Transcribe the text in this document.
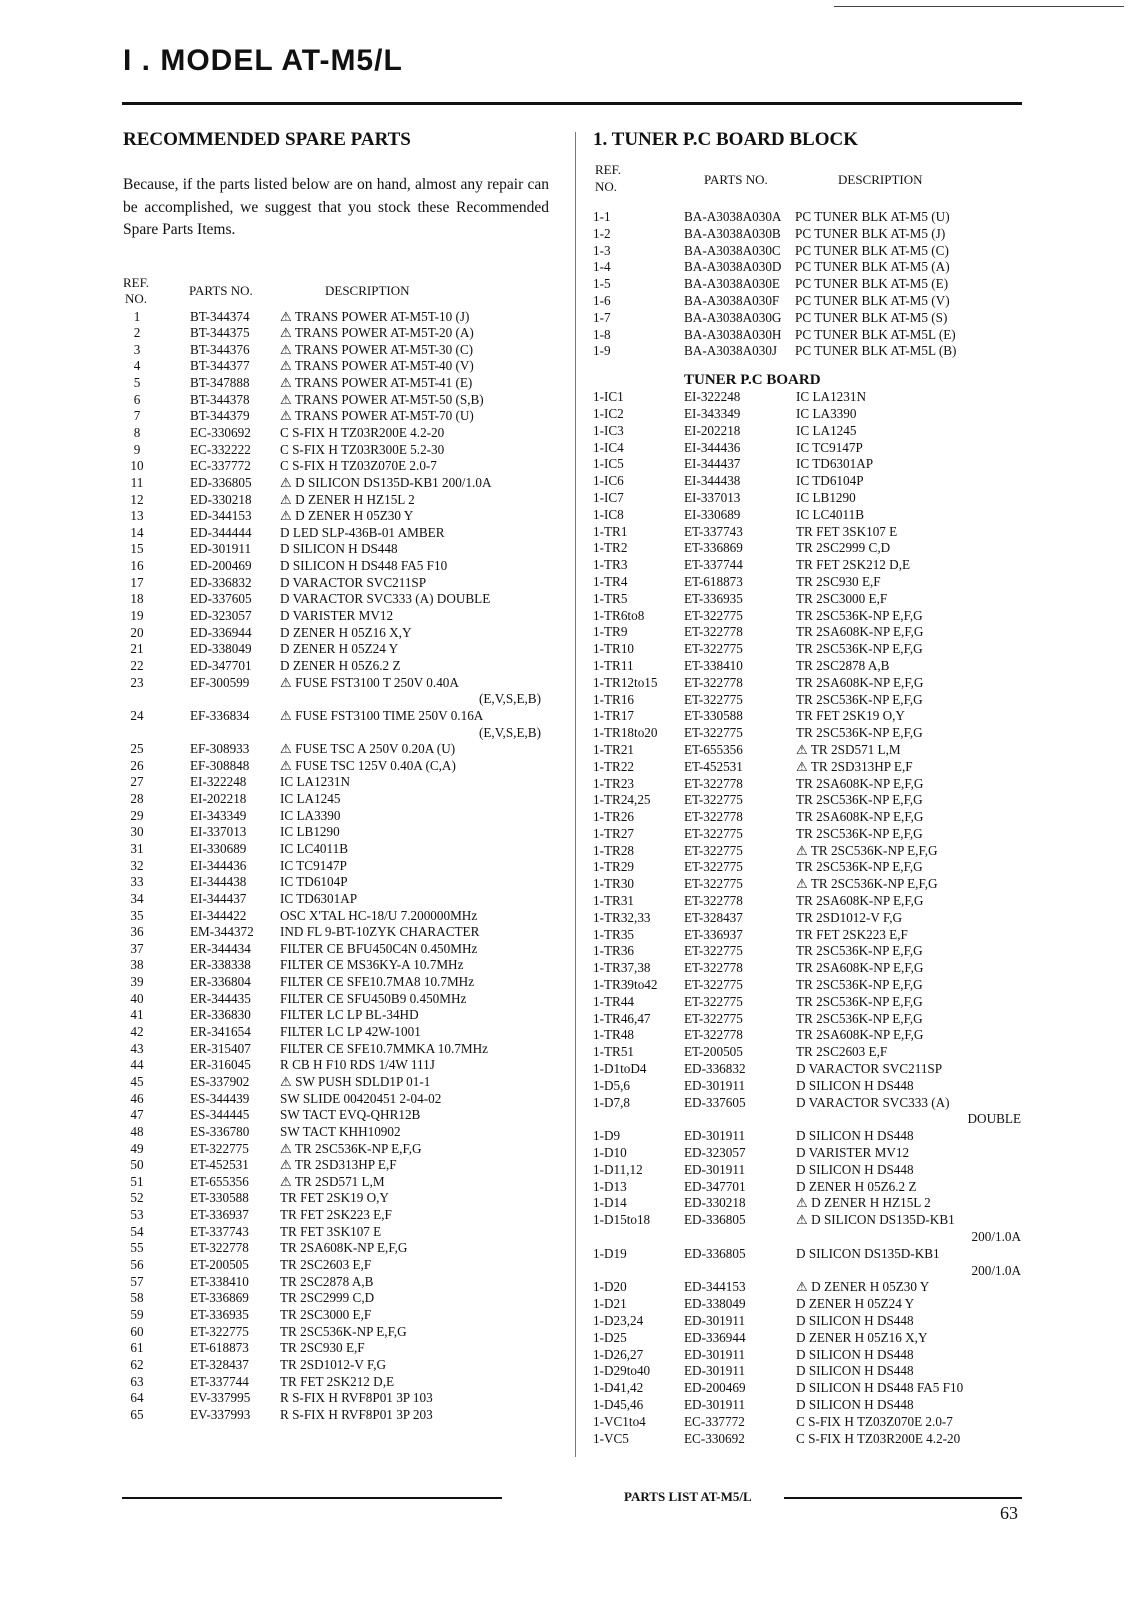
I . MODEL AT-M5/L
RECOMMENDED SPARE PARTS
Because, if the parts listed below are on hand, almost any repair can be accomplished, we suggest that you stock these Recommended Spare Parts Items.
REF.
NO.
PARTS NO.	DESCRIPTION
1	BT-344374 ⚠ TRANS POWER AT-M5T-10 (J)
2	BT-344375 ⚠ TRANS POWER AT-M5T-20 (A)
3	BT-344376 ⚠ TRANS POWER AT-M5T-30 (C)
4	BT-344377 ⚠ TRANS POWER AT-M5T-40 (V)
5	BT-347888 ⚠ TRANS POWER AT-M5T-41 (E)
6	BT-344378 ⚠ TRANS POWER AT-M5T-50 (S,B)
7	BT-344379 ⚠ TRANS POWER AT-M5T-70 (U)
8	EC-330692 C S-FIX H TZ03R200E 4.2-20
9	EC-332222 C S-FIX H TZ03R300E 5.2-30
10	EC-337772 C S-FIX H TZ03Z070E 2.0-7
11	ED-336805 ⚠ D SILICON DS135D-KB1 200/1.0A
12	ED-330218 ⚠ D ZENER H HZ15L 2
13	ED-344153 ⚠ D ZENER H 05Z30 Y
14	ED-344444 D LED SLP-436B-01 AMBER
15	ED-301911 D SILICON H DS448
16	ED-200469 D SILICON H DS448 FA5 F10
17	ED-336832 D VARACTOR SVC211SP
18	ED-337605 D VARACTOR SVC333 (A) DOUBLE
19	ED-323057 D VARISTER MV12
20	ED-336944 D ZENER H 05Z16 X,Y
21	ED-338049 D ZENER H 05Z24 Y
22	ED-347701 D ZENER H 05Z6.2 Z
23	EF-300599 ⚠ FUSE FST3100 T 250V 0.40A
(E,V,S,E,B)
24	EF-336834 ⚠ FUSE FST3100 TIME 250V 0.16A
(E,V,S,E,B)
25	EF-308933 ⚠ FUSE TSC A 250V 0.20A (U)
26	EF-308848 ⚠ FUSE TSC 125V 0.40A (C,A)
27	EI-322248	IC LA1231N
28	EI-202218	IC LA1245
29	EI-343349	IC LA3390
30	EI-337013	IC LB1290
31	EI-330689	IC LC4011B
32	EI-344436	IC TC9147P
33	EI-344438	IC TD6104P
34	EI-344437	IC TD6301AP
35	EI-344422	OSC X'TAL HC-18/U 7.200000MHz
36	EM-344372 IND FL 9-BT-10ZYK CHARACTER
37	ER-344434 FILTER CE BFU450C4N 0.450MHz
38	ER-338338 FILTER CE MS36KY-A 10.7MHz
39	ER-336804 FILTER CE SFE10.7MA8 10.7MHz
40	ER-344435 FILTER CE SFU450B9 0.450MHz
41	ER-336830 FILTER LC LP BL-34HD
42	ER-341654 FILTER LC LP 42W-1001
43	ER-315407 FILTER CE SFE10.7MMKA 10.7MHz
44	ER-316045 R CB H F10 RDS 1/4W 111J
45	ES-337902 ⚠ SW PUSH SDLD1P 01-1
46	ES-344439 SW SLIDE 00420451 2-04-02
47	ES-344445 SW TACT EVQ-QHR12B
48	ES-336780 SW TACT KHH10902
49	ET-322775 ⚠ TR 2SC536K-NP E,F,G
50	ET-452531 ⚠ TR 2SD313HP E,F
51	ET-655356 ⚠ TR 2SD571 L,M
52	ET-330588 TR FET 2SK19 O,Y
53	ET-336937 TR FET 2SK223 E,F
54	ET-337743 TR FET 3SK107 E
55	ET-322778 TR 2SA608K-NP E,F,G
56	ET-200505 TR 2SC2603 E,F
57	ET-338410 TR 2SC2878 A,B
58	ET-336869 TR 2SC2999 C,D
59	ET-336935 TR 2SC3000 E,F
60	ET-322775 TR 2SC536K-NP E,F,G
61	ET-618873 TR 2SC930 E,F
62	ET-328437 TR 2SD1012-V F,G
63	ET-337744 TR FET 2SK212 D,E
64	EV-337995 R S-FIX H RVF8P01 3P 103
65	EV-337993 R S-FIX H RVF8P01 3P 203
1. TUNER P.C BOARD BLOCK
REF.
NO.	PARTS NO.	DESCRIPTION
1-1	BA-A3038A030A PC TUNER BLK AT-M5 (U)
1-2	BA-A3038A030B PC TUNER BLK AT-M5 (J)
1-3	BA-A3038A030C PC TUNER BLK AT-M5 (C)
1-4	BA-A3038A030D PC TUNER BLK AT-M5 (A)
1-5	BA-A3038A030E PC TUNER BLK AT-M5 (E)
1-6	BA-A3038A030F PC TUNER BLK AT-M5 (V)
1-7	BA-A3038A030G PC TUNER BLK AT-M5 (S)
1-8	BA-A3038A030H PC TUNER BLK AT-M5L (E)
1-9	BA-A3038A030J PC TUNER BLK AT-M5L (B)
TUNER P.C BOARD
1-IC1	EI-322248	IC LA1231N
1-IC2	EI-343349	IC LA3390
1-IC3	EI-202218	IC LA1245
1-IC4	EI-344436	IC TC9147P
1-IC5	EI-344437	IC TD6301AP
1-IC6	EI-344438	IC TD6104P
1-IC7	EI-337013	IC LB1290
1-IC8	EI-330689	IC LC4011B
1-TR1	ET-337743	TR FET 3SK107 E
1-TR2	ET-336869	TR 2SC2999 C,D
1-TR3	ET-337744	TR FET 2SK212 D,E
1-TR4	ET-618873	TR 2SC930 E,F
1-TR5	ET-336935	TR 2SC3000 E,F
1-TR6to8	ET-322775	TR 2SC536K-NP E,F,G
1-TR9	ET-322778	TR 2SA608K-NP E,F,G
1-TR10	ET-322775	TR 2SC536K-NP E,F,G
1-TR11	ET-338410	TR 2SC2878 A,B
1-TR12to15 ET-322778	TR 2SA608K-NP E,F,G
1-TR16	ET-322775	TR 2SC536K-NP E,F,G
1-TR17	ET-330588	TR FET 2SK19 O,Y
1-TR18to20 ET-322775	TR 2SC536K-NP E,F,G
1-TR21	ET-655356	⚠ TR 2SD571 L,M
1-TR22	ET-452531	⚠ TR 2SD313HP E,F
1-TR23	ET-322778	TR 2SA608K-NP E,F,G
1-TR24,25	ET-322775	TR 2SC536K-NP E,F,G
1-TR26	ET-322778	TR 2SA608K-NP E,F,G
1-TR27	ET-322775	TR 2SC536K-NP E,F,G
1-TR28	ET-322775	⚠ TR 2SC536K-NP E,F,G
1-TR29	ET-322775	TR 2SC536K-NP E,F,G
1-TR30	ET-322775	⚠ TR 2SC536K-NP E,F,G
1-TR31	ET-322778	TR 2SA608K-NP E,F,G
1-TR32,33	ET-328437	TR 2SD1012-V F,G
1-TR35	ET-336937	TR FET 2SK223 E,F
1-TR36	ET-322775	TR 2SC536K-NP E,F,G
1-TR37,38	ET-322778	TR 2SA608K-NP E,F,G
1-TR39to42 ET-322775	TR 2SC536K-NP E,F,G
1-TR44	ET-322775	TR 2SC536K-NP E,F,G
1-TR46,47	ET-322775	TR 2SC536K-NP E,F,G
1-TR48	ET-322778	TR 2SA608K-NP E,F,G
1-TR51	ET-200505	TR 2SC2603 E,F
1-D1toD4	ED-336832	D VARACTOR SVC211SP
1-D5,6	ED-301911	D SILICON H DS448
1-D7,8	ED-337605	D VARACTOR SVC333 (A)
DOUBLE
1-D9	ED-301911	D SILICON H DS448
1-D10	ED-323057	D VARISTER MV12
1-D11,12	ED-301911	D SILICON H DS448
1-D13	ED-347701	D ZENER H 05Z6.2 Z
1-D14	ED-330218	⚠ D ZENER H HZ15L 2
1-D15to18	ED-336805	⚠ D SILICON DS135D-KB1
200/1.0A
1-D19	ED-336805	D SILICON DS135D-KB1
200/1.0A
1-D20	ED-344153	⚠ D ZENER H 05Z30 Y
1-D21	ED-338049	D ZENER H 05Z24 Y
1-D23,24	ED-301911	D SILICON H DS448
1-D25	ED-336944	D ZENER H 05Z16 X,Y
1-D26,27	ED-301911	D SILICON H DS448
1-D29to40	ED-301911	D SILICON H DS448
1-D41,42	ED-200469	D SILICON H DS448 FA5 F10
1-D45,46	ED-301911	D SILICON H DS448
1-VC1to4	EC-337772	C S-FIX H TZ03Z070E 2.0-7
1-VC5	EC-330692	C S-FIX H TZ03R200E 4.2-20
PARTS LIST AT-M5/L
63
